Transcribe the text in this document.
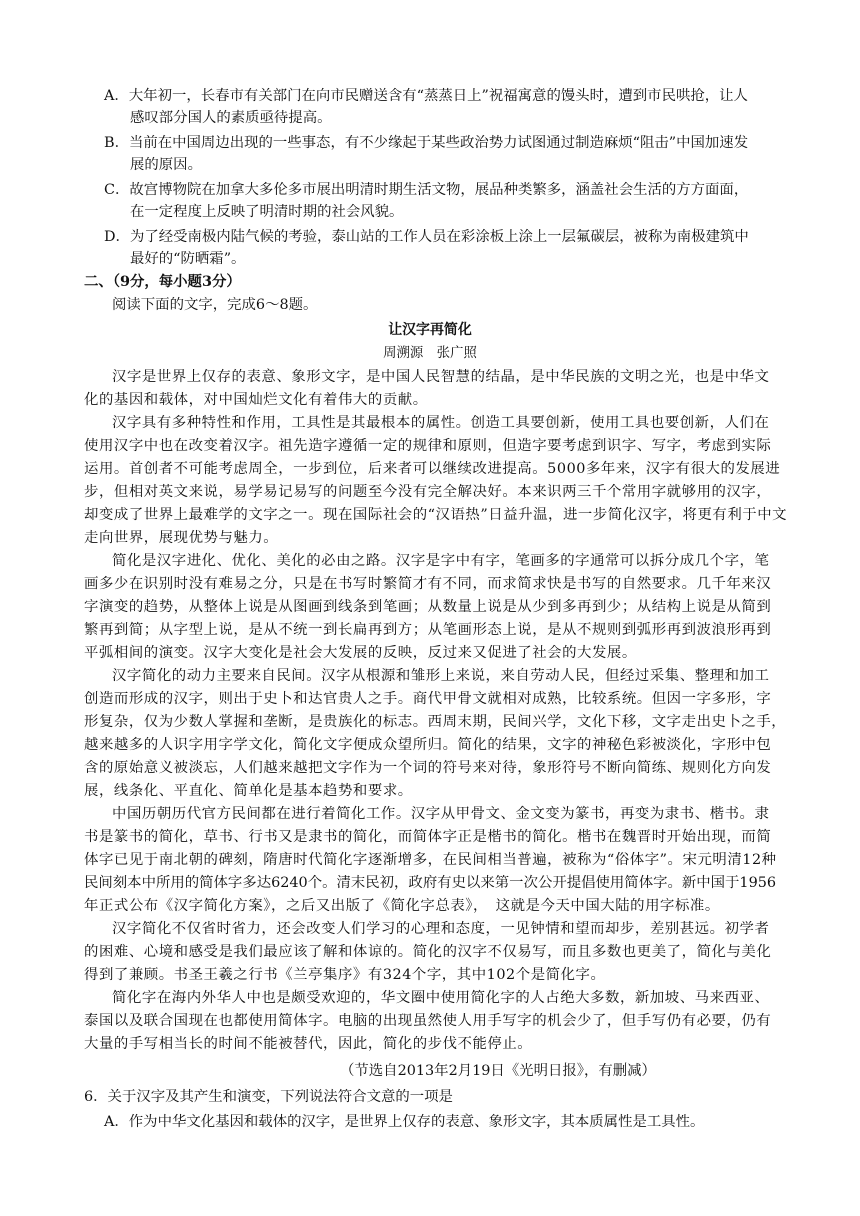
A．大年初一，长春市有关部门在向市民赠送含有“蒸蒸日上”祝福寓意的馒头时，遭到市民哄抢，让人
感叹部分国人的素质亟待提高。
B．当前在中国周边出现的一些事态，有不少缘起于某些政治势力试图通过制造麻烦“阻击”中国加速发
展的原因。
C．故宫博物院在加拿大多伦多市展出明清时期生活文物，展品种类繁多，涵盖社会生活的方方面面，
在一定程度上反映了明清时期的社会风貌。
D．为了经受南极内陆气候的考验，泰山站的工作人员在彩涂板上涂上一层氟碳层，被称为南极建筑中
最好的“防晒霜”。
二、（9分，每小题3分）
阅读下面的文字，完成6～8题。
让汉字再简化
周溯源　张广照
汉字是世界上仅存的表意、象形文字，是中国人民智慧的结晶，是中华民族的文明之光，也是中华文
化的基因和载体，对中国灿烂文化有着伟大的贡献。
汉字具有多种特性和作用，工具性是其最根本的属性。创造工具要创新，使用工具也要创新，人们在
使用汉字中也在改变着汉字。祖先造字遵循一定的规律和原则，但造字要考虑到识字、写字，考虑到实际
运用。首创者不可能考虑周全，一步到位，后来者可以继续改进提高。5000多年来，汉字有很大的发展进
步，但相对英文来说，易学易记易写的问题至今没有完全解决好。本来识两三千个常用字就够用的汉字，
却变成了世界上最难学的文字之一。现在国际社会的“汉语热”日益升温，进一步简化汉字，将更有利于中文
走向世界，展现优势与魅力。
简化是汉字进化、优化、美化的必由之路。汉字是字中有字，笔画多的字通常可以拆分成几个字，笔
画多少在识别时没有难易之分，只是在书写时繁简才有不同，而求简求快是书写的自然要求。几千年来汉
字演变的趋势，从整体上说是从图画到线条到笔画；从数量上说是从少到多再到少；从结构上说是从简到
繁再到简；从字型上说，是从不统一到长扁再到方；从笔画形态上说，是从不规则到弧形再到波浪形再到
平弧相间的演变。汉字大变化是社会大发展的反映，反过来又促进了社会的大发展。
汉字简化的动力主要来自民间。汉字从根源和雏形上来说，来自劳动人民，但经过采集、整理和加工
创造而形成的汉字，则出于史卜和达官贵人之手。商代甲骨文就相对成熟，比较系统。但因一字多形，字
形复杂，仅为少数人掌握和垄断，是贵族化的标志。西周末期，民间兴学，文化下移，文字走出史卜之手，
越来越多的人识字用字学文化，简化文字便成众望所归。简化的结果，文字的神秘色彩被淡化，字形中包
含的原始意义被淡忘，人们越来越把文字作为一个词的符号来对待，象形符号不断向简练、规则化方向发
展，线条化、平直化、简单化是基本趋势和要求。
中国历朝历代官方民间都在进行着简化工作。汉字从甲骨文、金文变为篆书，再变为隶书、楷书。隶
书是篆书的简化，草书、行书又是隶书的简化，而简体字正是楷书的简化。楷书在魏晋时开始出现，而简
体字已见于南北朝的碑刻，隋唐时代简化字逐渐增多，在民间相当普遍，被称为“俗体字”。宋元明清12种
民间刻本中所用的简体字多达6240个。清末民初，政府有史以来第一次公开提倡使用简体字。新中国于1956
年正式公布《汉字简化方案》，之后又出版了《简化字总表》，　这就是今天中国大陆的用字标准。
汉字简化不仅省时省力，还会改变人们学习的心理和态度，一见钟情和望而却步，差别甚远。初学者
的困难、心境和感受是我们最应该了解和体谅的。简化的汉字不仅易写，而且多数也更美了，简化与美化
得到了兼顾。书圣王羲之行书《兰亭集序》有324个字，其中102个是简化字。
简化字在海内外华人中也是颇受欢迎的，华文圈中使用简化字的人占绝大多数，新加坡、马来西亚、
泰国以及联合国现在也都使用简体字。电脑的出现虽然使人用手写字的机会少了，但手写仍有必要，仍有
大量的手写相当长的时间不能被替代，因此，简化的步伐不能停止。
（节选自2013年2月19日《光明日报》，有删减）
6．关于汉字及其产生和演变，下列说法符合文意的一项是
A．作为中华文化基因和载体的汉字，是世界上仅存的表意、象形文字，其本质属性是工具性。
